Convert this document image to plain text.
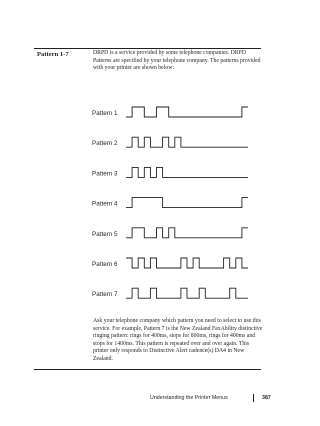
Pattern 1-7	DRPD is a service provided by some telephone companies. DRPD Patterns are specified by your telephone company. The patterns provided with your printer are shown below:

Pattern 1
Pattern 2
Pattern 3
Pattern 4
Pattern 5
Pattern 6
Pattern 7

Ask your telephone company which pattern you need to select to use this service. For example, Pattern 7 is the New Zealand FaxAbility distinctive ringing pattern: rings for 400ms, stops for 800ms, rings for 400ms and stops for 1400ms. This pattern is repeated over and over again. This printer only responds to Distinctive Alert cadence(s) DA4 in New Zealand.

Understanding the Printer Menus	387
